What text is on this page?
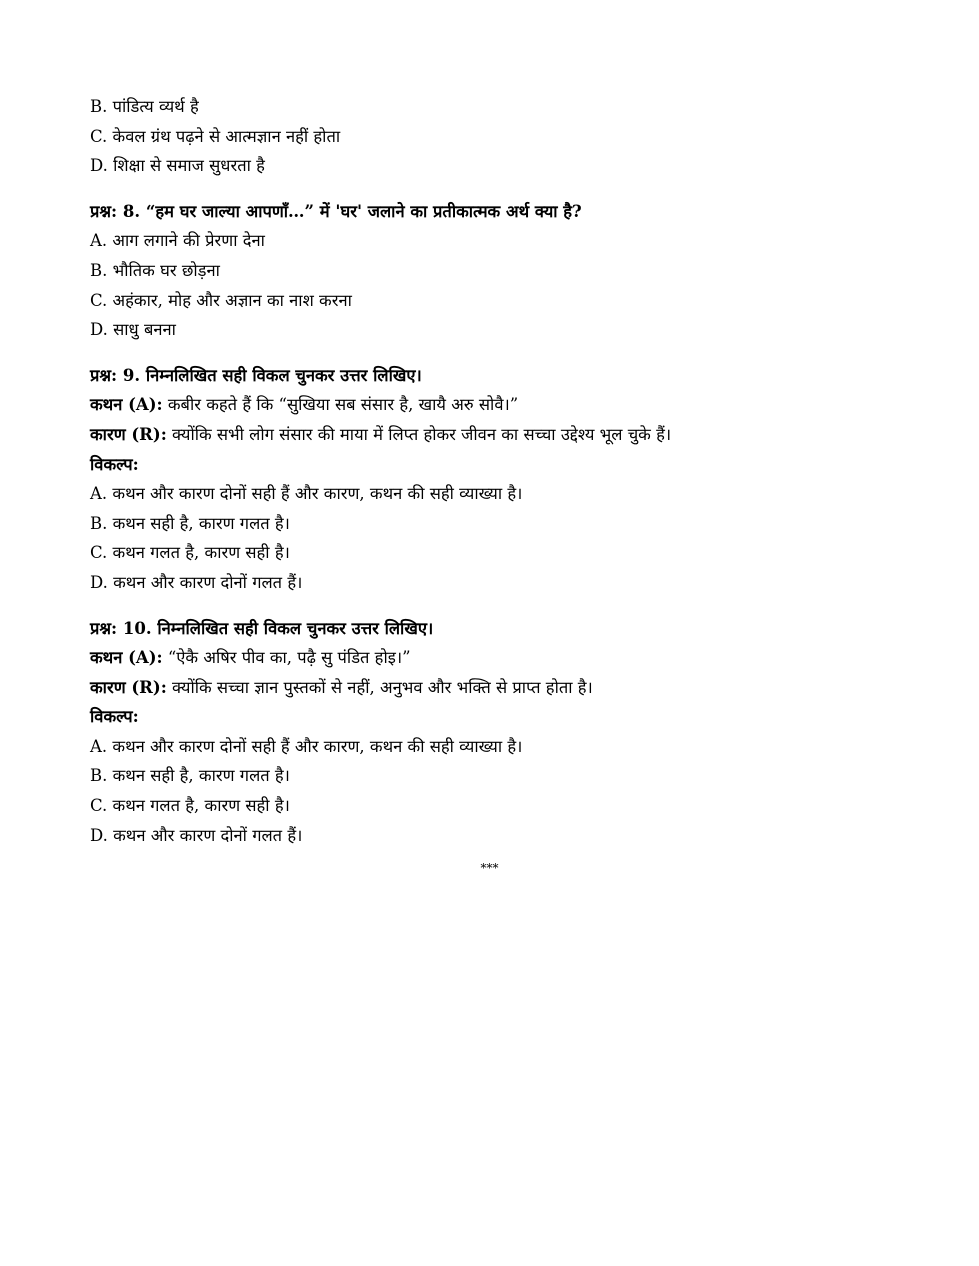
B. पांडित्य व्यर्थ है
C. केवल ग्रंथ पढ़ने से आत्मज्ञान नहीं होता
D. शिक्षा से समाज सुधरता है
प्रश्न: 8. “हम घर जाल्या आपणाँ…” में 'घर' जलाने का प्रतीकात्मक अर्थ क्या है?
A. आग लगाने की प्रेरणा देना
B. भौतिक घर छोड़ना
C. अहंकार, मोह और अज्ञान का नाश करना
D. साधु बनना
प्रश्न: 9. निम्नलिखित सही विकल चुनकर उत्तर लिखिए।
कथन (A): कबीर कहते हैं कि “सुखिया सब संसार है, खायै अरु सोवै।”
कारण (R): क्योंकि सभी लोग संसार की माया में लिप्त होकर जीवन का सच्चा उद्देश्य भूल चुके हैं।
विकल्प:
A. कथन और कारण दोनों सही हैं और कारण, कथन की सही व्याख्या है।
B. कथन सही है, कारण गलत है।
C. कथन गलत है, कारण सही है।
D. कथन और कारण दोनों गलत हैं।
प्रश्न: 10. निम्नलिखित सही विकल चुनकर उत्तर लिखिए।
कथन (A): “ऐकै अषिर पीव का, पढ़ै सु पंडित होइ।”
कारण (R): क्योंकि सच्चा ज्ञान पुस्तकों से नहीं, अनुभव और भक्ति से प्राप्त होता है।
विकल्प:
A. कथन और कारण दोनों सही हैं और कारण, कथन की सही व्याख्या है।
B. कथन सही है, कारण गलत है।
C. कथन गलत है, कारण सही है।
D. कथन और कारण दोनों गलत हैं।
***
